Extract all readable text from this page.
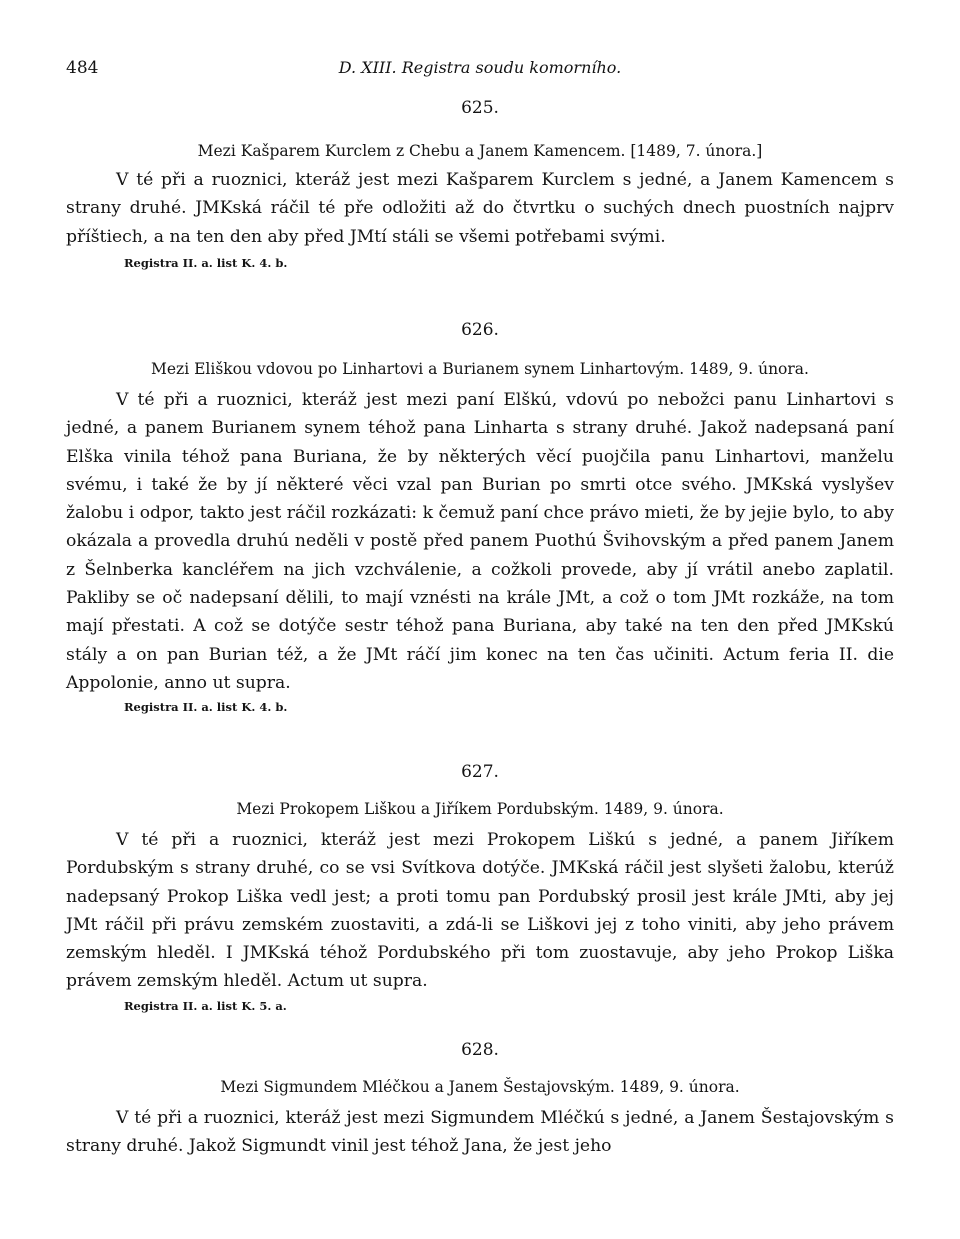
484	D. XIII. Registra soudu komorního.
625.
Mezi Kašparem Kurclem z Chebu a Janem Kamencem. [1489, 7. února.]

V té při a ruoznici, kteráž jest mezi Kašparem Kurclem s jedné, a Janem Kamencem s strany druhé. JMKská ráčil té pře odložiti až do čtvrtku o suchých dnech puostních najprv příštiech, a na ten den aby před JMtí stáli se všemi potřebami svými.

Registra II. a. list K. 4. b.
626.
Mezi Eliškou vdovou po Linhartovi a Burianem synem Linhartovým. 1489, 9. února.

V té při a ruoznici, kteráž jest mezi paní Elškú, vdovú po nebožci panu Linhartovi s jedné, a panem Burianem synem téhož pana Linharta s strany druhé. Jakož nadepsaná paní Elška vinila téhož pana Buriana, že by některých věcí puojčila panu Linhartovi, manželu svému, i také že by jí některé věci vzal pan Burian po smrti otce svého. JMKská vyslyšev žalobu i odpor, takto jest ráčil rozkázati: k čemuž paní chce právo mieti, že by jejie bylo, to aby okázala a provedla druhú neděli v postě před panem Puothú Švihovským a před panem Janem z Šelnberka kancléřem na jich vzchválenie, a cožkoli provede, aby jí vrátil anebo zaplatil. Pakliby se oč nadepsaní dělili, to mají vznésti na krále JMt, a což o tom JMt rozkáže, na tom mají přestati. A což se dotýče sestr téhož pana Buriana, aby také na ten den před JMKskú stály a on pan Burian též, a že JMt ráčí jim konec na ten čas učiniti. Actum feria II. die Appolonie, anno ut supra.

Registra II. a. list K. 4. b.
627.
Mezi Prokopem Liškou a Jiříkem Pordubským. 1489, 9. února.

V té při a ruoznici, kteráž jest mezi Prokopem Liškú s jedné, a panem Jiříkem Pordubským s strany druhé, co se vsi Svítkova dotýče. JMKská ráčil jest slyšeti žalobu, kterúž nadepsaný Prokop Liška vedl jest; a proti tomu pan Pordubský prosil jest krále JMti, aby jej JMt ráčil při právu zemském zuostaviti, a zdá-li se Liškovi jej z toho viniti, aby jeho právem zemským hleděl. I JMKská téhož Pordubského při tom zuostavuje, aby jeho Prokop Liška právem zemským hleděl. Actum ut supra.

Registra II. a. list K. 5. a.
628.
Mezi Sigmundem Mléčkou a Janem Šestajovským. 1489, 9. února.

V té při a ruoznici, kteráž jest mezi Sigmundem Mléčkú s jedné, a Janem Šestajovským s strany druhé. Jakož Sigmundt vinil jest téhož Jana, že jest jeho
